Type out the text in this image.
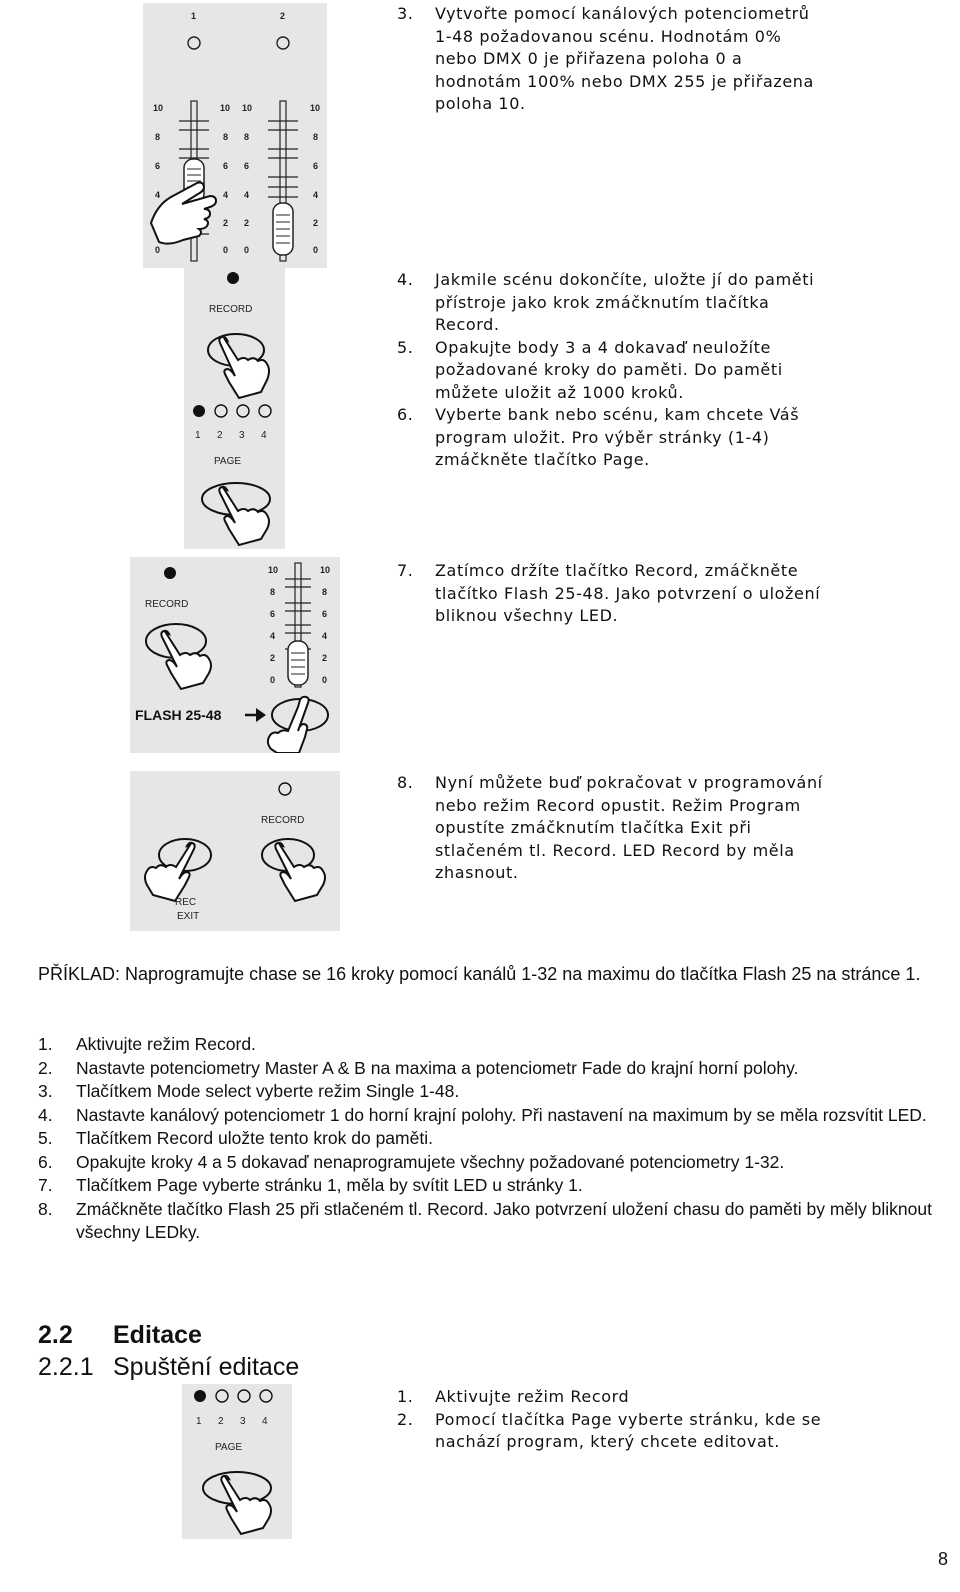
1	2
10
8
6
4
0
10
8
6
4
2
0
10
8
6
4
2
0
10
8
6
4
2
0
RECORD
1 2 3 4
PAGE
RECORD
10
8
6
4
2
0
10
8
6
4
2
0
FLASH 25-48
RECORD
REC
EXIT
1 2 3 4
PAGE
3. Vytvořte pomocí kanálových potenciometrů 1-48 požadovanou scénu. Hodnotám 0% nebo DMX 0 je přiřazena poloha 0 a hodnotám 100% nebo DMX 255 je přiřazena poloha 10.
4. Jakmile scénu dokončíte, uložte jí do paměti přístroje jako krok zmáčknutím tlačítka Record.
5. Opakujte body 3 a 4 dokavaď neuložíte požadované kroky do paměti. Do paměti můžete uložit až 1000 kroků.
6. Vyberte bank nebo scénu, kam chcete Váš program uložit. Pro výběr stránky (1-4) zmáčkněte tlačítko Page.
7. Zatímco držíte tlačítko Record, zmáčkněte tlačítko Flash 25-48. Jako potvrzení o uložení bliknou všechny LED.
8. Nyní můžete buď pokračovat v programování nebo režim Record opustit. Režim Program opustíte zmáčknutím tlačítka Exit při stlačeném tl. Record. LED Record by měla zhasnout.
PŘÍKLAD: Naprogramujte chase se 16 kroky pomocí kanálů 1-32 na maximu do tlačítka Flash 25 na stránce 1.
1. Aktivujte režim Record.
2. Nastavte potenciometry Master A & B na maxima a potenciometr Fade do krajní horní polohy.
3. Tlačítkem Mode select vyberte režim Single 1-48.
4. Nastavte kanálový potenciometr 1 do horní krajní polohy. Při nastavení na maximum by se měla rozsvítit LED.
5. Tlačítkem Record uložte tento krok do paměti.
6. Opakujte kroky 4 a 5 dokavaď nenaprogramujete všechny požadované potenciometry 1-32.
7. Tlačítkem Page vyberte stránku 1, měla by svítit LED u stránky 1.
8. Zmáčkněte tlačítko Flash 25 při stlačeném tl. Record. Jako potvrzení uložení chasu do paměti by měly bliknout všechny LEDky.
2.2 Editace
2.2.1 Spuštění editace
1. Aktivujte režim Record
2. Pomocí tlačítka Page vyberte stránku, kde se nachází program, který chcete editovat.
8
